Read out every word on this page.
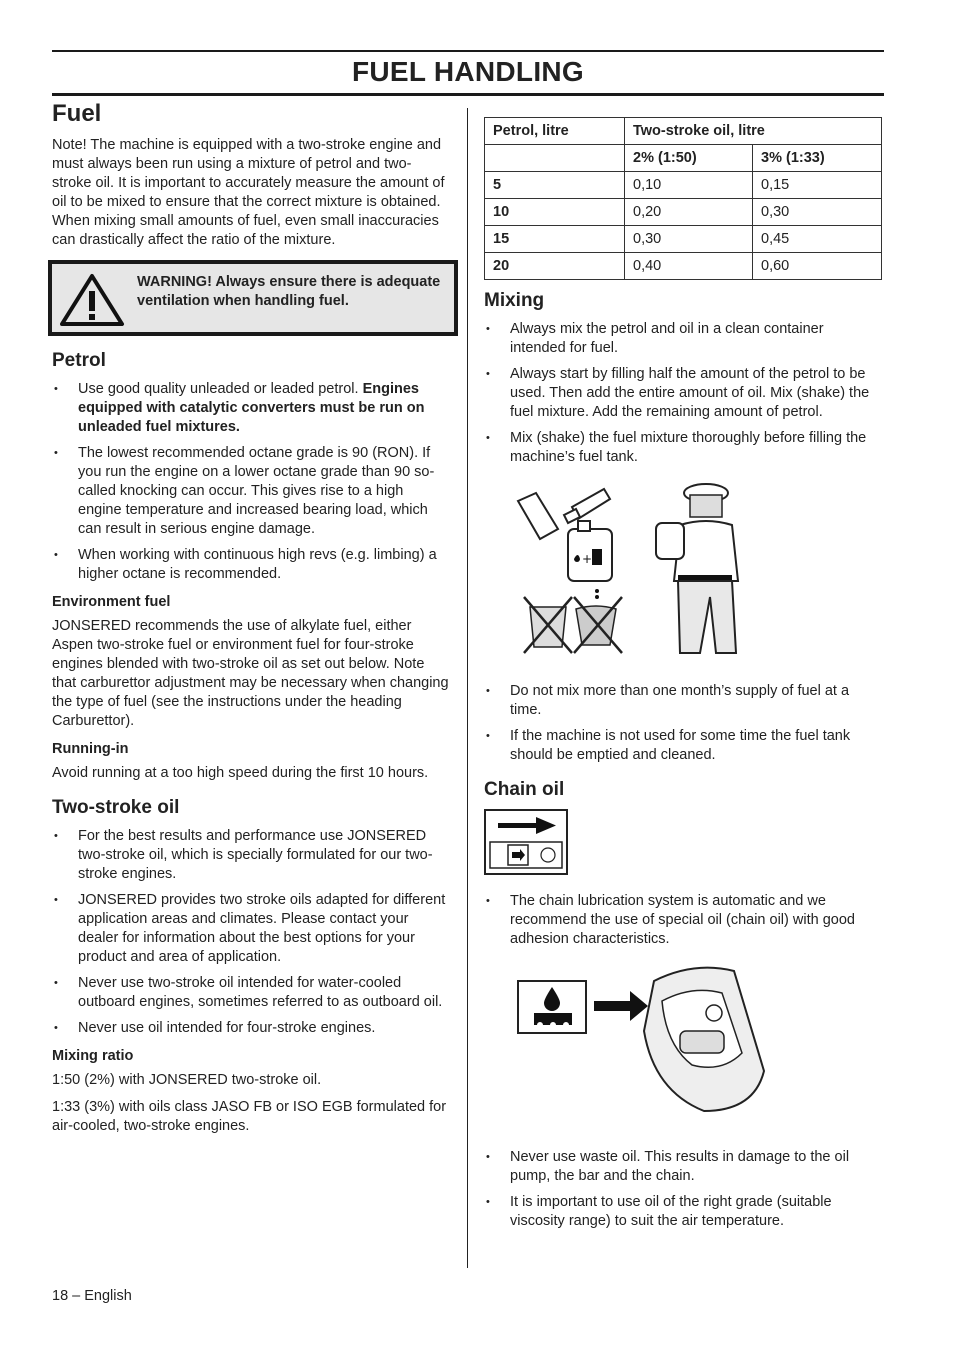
FUEL HANDLING
Fuel

Note! The machine is equipped with a two-stroke engine and must always been run using a mixture of petrol and two-stroke oil. It is important to accurately measure the amount of oil to be mixed to ensure that the correct mixture is obtained. When mixing small amounts of fuel, even small inaccuracies can drastically affect the ratio of the mixture.

WARNING! Always ensure there is adequate ventilation when handling fuel.
Petrol
• Use good quality unleaded or leaded petrol. Engines equipped with catalytic converters must be run on unleaded fuel mixtures.
• The lowest recommended octane grade is 90 (RON). If you run the engine on a lower octane grade than 90 so-called knocking can occur. This gives rise to a high engine temperature and increased bearing load, which can result in serious engine damage.
• When working with continuous high revs (e.g. limbing) a higher octane is recommended.
Environment fuel

JONSERED recommends the use of alkylate fuel, either Aspen two-stroke fuel or environment fuel for four-stroke engines blended with two-stroke oil as set out below. Note that carburettor adjustment may be necessary when changing the type of fuel (see the instructions under the heading Carburettor).

Running-in

Avoid running at a too high speed during the first 10 hours.

Two-stroke oil
• For the best results and performance use JONSERED two-stroke oil, which is specially formulated for our two-stroke engines.
• JONSERED provides two stroke oils adapted for different application areas and climates. Please contact your dealer for information about the best options for your product and area of application.
• Never use two-stroke oil intended for water-cooled outboard engines, sometimes referred to as outboard oil.
• Never use oil intended for four-stroke engines.
Mixing ratio

1:50 (2%) with JONSERED two-stroke oil.

1:33 (3%) with oils class JASO FB or ISO EGB formulated for air-cooled, two-stroke engines.

Petrol, litre	Two-stroke oil, litre	
	2% (1:50)	3% (1:33)
5	0,10	0,15
10	0,20	0,30
15	0,30	0,45
20	0,40	0,60
Mixing
• Always mix the petrol and oil in a clean container intended for fuel.
• Always start by filling half the amount of the petrol to be used. Then add the entire amount of oil. Mix (shake) the fuel mixture. Add the remaining amount of petrol.
• Mix (shake) the fuel mixture thoroughly before filling the machine’s fuel tank.
+
• Do not mix more than one month’s supply of fuel at a time.
• If the machine is not used for some time the fuel tank should be emptied and cleaned.
Chain oil
• The chain lubrication system is automatic and we recommend the use of special oil (chain oil) with good adhesion characteristics.
• Never use waste oil. This results in damage to the oil pump, the bar and the chain.
• It is important to use oil of the right grade (suitable viscosity range) to suit the air temperature.
18 – English
